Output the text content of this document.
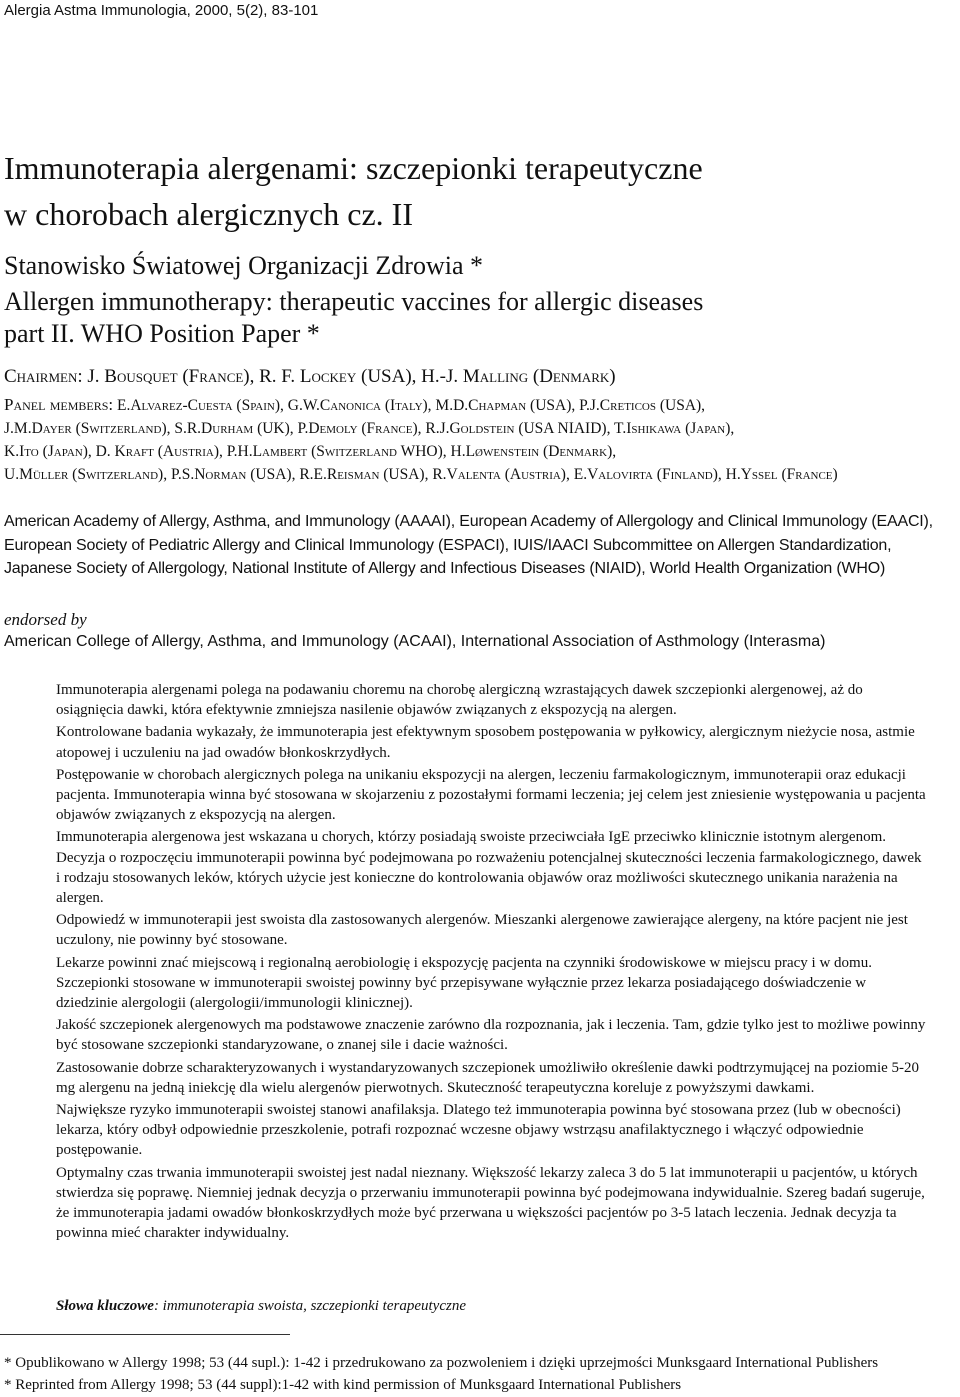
Alergia Astma Immunologia, 2000, 5(2), 83-101
Immunoterapia alergenami: szczepionki terapeutyczne
w chorobach alergicznych cz. II
Stanowisko Światowej Organizacji Zdrowia *
Allergen immunotherapy: therapeutic vaccines for allergic diseases
part II. WHO Position Paper *
Chairmen: J. Bousquet (France), R. F. Lockey (USA), H.-J. Malling (Denmark)
Panel members: E.Alvarez-Cuesta (Spain), G.W.Canonica (Italy), M.D.Chapman (USA), P.J.Creticos (USA),
J.M.Dayer (Switzerland), S.R.Durham (UK), P.Demoly (France), R.J.Goldstein (USA NIAID), T.Ishikawa (Japan),
K.Ito (Japan), D. Kraft (Austria), P.H.Lambert (Switzerland WHO), H.Løwenstein (Denmark),
U.Müller (Switzerland), P.S.Norman (USA), R.E.Reisman (USA), R.Valenta (Austria), E.Valovirta (Finland), H.Yssel (France)
American Academy of Allergy, Asthma, and Immunology (AAAAI), European Academy of Allergology and Clinical Immunology (EAACI), European Society of Pediatric Allergy and Clinical Immunology (ESPACI), IUIS/IAACI Subcommittee on Allergen Standardization, Japanese Society of Allergology, National Institute of Allergy and Infectious Diseases (NIAID), World Health Organization (WHO)
endorsed by
American College of Allergy, Asthma, and Immunology (ACAAI), International Association of Asthmology (Interasma)

Immunoterapia alergenami polega na podawaniu choremu na chorobę alergiczną wzrastających dawek szczepionki alergenowej, aż do osiągnięcia dawki, która efektywnie zmniejsza nasilenie objawów związanych z ekspozycją na alergen.

Kontrolowane badania wykazały, że immunoterapia jest efektywnym sposobem postępowania w pyłkowicy, alergicznym nieżycie nosa, astmie atopowej i uczuleniu na jad owadów błonkoskrzydłych.

Postępowanie w chorobach alergicznych polega na unikaniu ekspozycji na alergen, leczeniu farmakologicznym, immunoterapii oraz edukacji pacjenta. Immunoterapia winna być stosowana w skojarzeniu z pozostałymi formami leczenia; jej celem jest zniesienie występowania u pacjenta objawów związanych z ekspozycją na alergen.

Immunoterapia alergenowa jest wskazana u chorych, którzy posiadają swoiste przeciwciała IgE przeciwko klinicznie istotnym alergenom. Decyzja o rozpoczęciu immunoterapii powinna być podejmowana po rozważeniu potencjalnej skuteczności leczenia farmakologicznego, dawek i rodzaju stosowanych leków, których użycie jest konieczne do kontrolowania objawów oraz możliwości skutecznego unikania narażenia na alergen.

Odpowiedź w immunoterapii jest swoista dla zastosowanych alergenów. Mieszanki alergenowe zawierające alergeny, na które pacjent nie jest uczulony, nie powinny być stosowane.

Lekarze powinni znać miejscową i regionalną aerobiologię i ekspozycję pacjenta na czynniki środowiskowe w miejscu pracy i w domu. Szczepionki stosowane w immunoterapii swoistej powinny być przepisywane wyłącznie przez lekarza posiadającego doświadczenie w dziedzinie alergologii (alergologii/immunologii klinicznej).

Jakość szczepionek alergenowych ma podstawowe znaczenie zarówno dla rozpoznania, jak i leczenia. Tam, gdzie tylko jest to możliwe powinny być stosowane szczepionki standaryzowane, o znanej sile i dacie ważności.

Zastosowanie dobrze scharakteryzowanych i wystandaryzowanych szczepionek umożliwiło określenie dawki podtrzymującej na poziomie 5-20 mg alergenu na jedną iniekcję dla wielu alergenów pierwotnych. Skuteczność terapeutyczna koreluje z powyższymi dawkami.

Największe ryzyko immunoterapii swoistej stanowi anafilaksja. Dlatego też immunoterapia powinna być stosowana przez (lub w obecności) lekarza, który odbył odpowiednie przeszkolenie, potrafi rozpoznać wczesne objawy wstrząsu anafilaktycznego i włączyć odpowiednie postępowanie.

Optymalny czas trwania immunoterapii swoistej jest nadal nieznany. Większość lekarzy zaleca 3 do 5 lat immunoterapii u pacjentów, u których stwierdza się poprawę. Niemniej jednak decyzja o przerwaniu immunoterapii powinna być podejmowana indywidualnie. Szereg badań sugeruje, że immunoterapia jadami owadów błonkoskrzydłych może być przerwana u większości pacjentów po 3-5 latach leczenia. Jednak decyzja ta powinna mieć charakter indywidualny.

Słowa kluczowe: immunoterapia swoista, szczepionki terapeutyczne
* Opublikowano w Allergy 1998; 53 (44 supl.): 1-42 i przedrukowano za pozwoleniem i dzięki uprzejmości Munksgaard International Publishers
* Reprinted from Allergy 1998; 53 (44 suppl):1-42 with kind permission of Munksgaard International Publishers
